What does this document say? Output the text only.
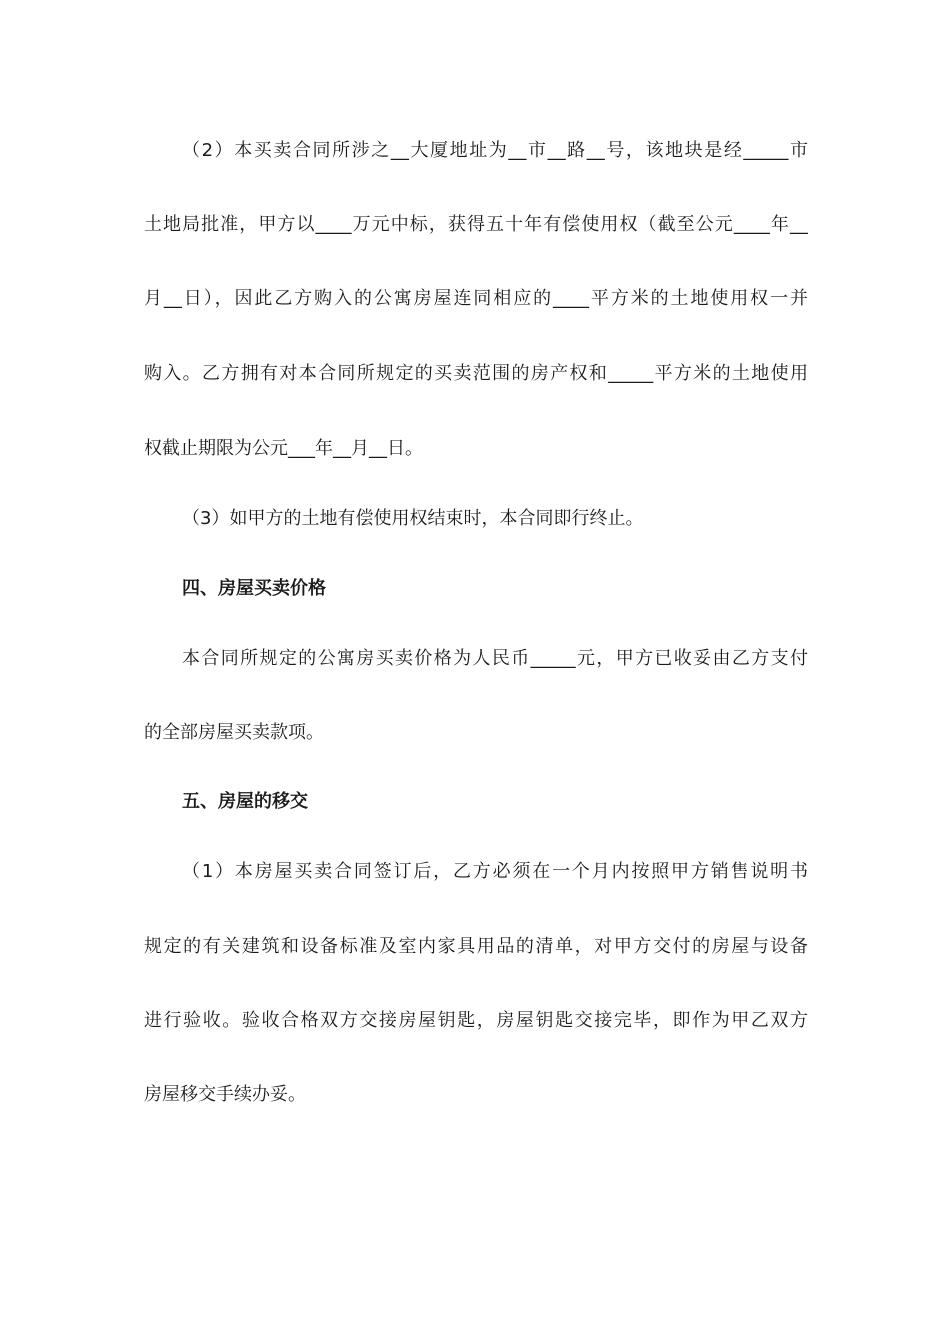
（2）本买卖合同所涉之__大厦地址为__市__路__号，该地块是经_____市
土地局批准，甲方以____万元中标，获得五十年有偿使用权（截至公元____年__
月__日），因此乙方购入的公寓房屋连同相应的____平方米的土地使用权一并
购入。乙方拥有对本合同所规定的买卖范围的房产权和_____平方米的土地使用
权截止期限为公元___年__月__日。
（3）如甲方的土地有偿使用权结束时，本合同即行终止。
四、房屋买卖价格
本合同所规定的公寓房买卖价格为人民币_____元，甲方已收妥由乙方支付
的全部房屋买卖款项。
五、房屋的移交
（1）本房屋买卖合同签订后，乙方必须在一个月内按照甲方销售说明书
规定的有关建筑和设备标准及室内家具用品的清单，对甲方交付的房屋与设备
进行验收。验收合格双方交接房屋钥匙，房屋钥匙交接完毕，即作为甲乙双方
房屋移交手续办妥。
